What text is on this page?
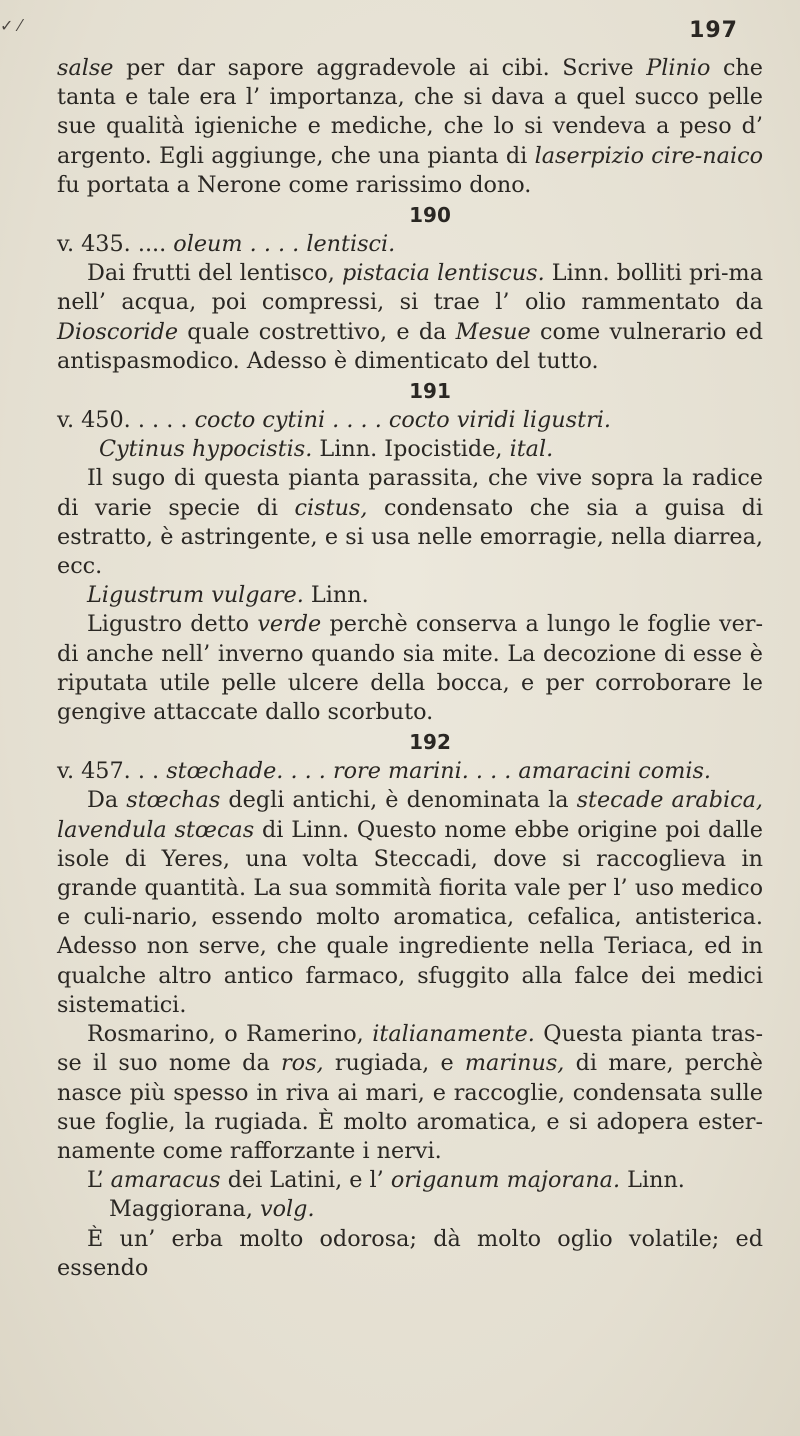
✓ ⁄	197

salse per dar sapore aggradevole ai cibi. Scrive Plinio che tanta e tale era l’ importanza, che si dava a quel succo pelle sue qualità igieniche e mediche, che lo si vendeva a peso d’ argento. Egli aggiunge, che una pianta di laserpizio cire-naico fu portata a Nerone come rarissimo dono.

190

v. 435. .... oleum . . . . lentisci.

Dai frutti del lentisco, pistacia lentiscus. Linn. bolliti pri-ma nell’ acqua, poi compressi, si trae l’ olio rammentato da Dioscoride quale costrettivo, e da Mesue come vulnerario ed antispasmodico. Adesso è dimenticato del tutto.

191

v. 450. . . . . cocto cytini . . . . cocto viridi ligustri.

Cytinus hypocistis. Linn. Ipocistide, ital.

Il sugo di questa pianta parassita, che vive sopra la radice di varie specie di cistus, condensato che sia a guisa di estratto, è astringente, e si usa nelle emorragie, nella diarrea, ecc.

Ligustrum vulgare. Linn.

Ligustro detto verde perchè conserva a lungo le foglie ver-di anche nell’ inverno quando sia mite. La decozione di esse è riputata utile pelle ulcere della bocca, e per corroborare le gengive attaccate dallo scorbuto.

192

v. 457. . . stœchade. . . . rore marini. . . . amaracini comis.

Da stœchas degli antichi, è denominata la stecade arabica, lavendula stœcas di Linn. Questo nome ebbe origine poi dalle isole di Yeres, una volta Steccadi, dove si raccoglieva in grande quantità. La sua sommità fiorita vale per l’ uso medico e culi-nario, essendo molto aromatica, cefalica, antisterica. Adesso non serve, che quale ingrediente nella Teriaca, ed in qualche altro antico farmaco, sfuggito alla falce dei medici sistematici.

Rosmarino, o Ramerino, italianamente. Questa pianta tras-se il suo nome da ros, rugiada, e marinus, di mare, perchè nasce più spesso in riva ai mari, e raccoglie, condensata sulle sue foglie, la rugiada. È molto aromatica, e si adopera ester-namente come rafforzante i nervi.

L’ amaracus dei Latini, e l’ origanum majorana. Linn.

Maggiorana, volg.

È un’ erba molto odorosa; dà molto oglio volatile; ed essendo
